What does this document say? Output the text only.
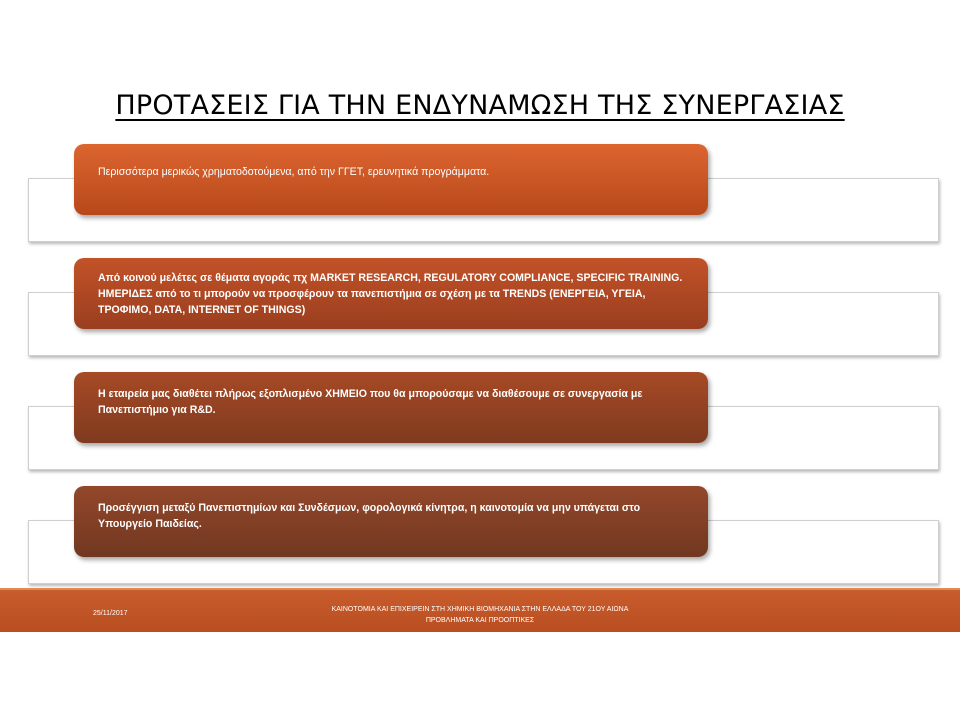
ΠΡΟΤΑΣΕΙΣ ΓΙΑ ΤΗΝ ΕΝΔΥΝΑΜΩΣΗ ΤΗΣ ΣΥΝΕΡΓΑΣΙΑΣ
Περισσότερα μερικώς χρηματοδοτούμενα, από την ΓΓΕΤ, ερευνητικά προγράμματα.
Από κοινού μελέτες σε θέματα αγοράς πχ MARKET RESEARCH, REGULATORY COMPLIANCE, SPECIFIC TRAINING. ΗΜΕΡΙΔΕΣ από το τι μπορούν να προσφέρουν τα πανεπιστήμια σε σχέση με τα TRENDS (ΕΝΕΡΓΕΙΑ, ΥΓΕΙΑ, ΤΡΟΦΙΜΟ, DATA, INTERNET OF THINGS)
Η εταιρεία μας διαθέτει πλήρως εξοπλισμένο ΧΗΜΕΙΟ που θα μπορούσαμε να διαθέσουμε σε συνεργασία με Πανεπιστήμιο για R&D.
Προσέγγιση μεταξύ Πανεπιστημίων και Συνδέσμων, φορολογικά κίνητρα, η καινοτομία να μην υπάγεται στο Υπουργείο Παιδείας.
25/11/2017
ΚΑΙΝΟΤΟΜΙΑ ΚΑΙ ΕΠΙΧΕΙΡΕΙΝ ΣΤΗ ΧΗΜΙΚΗ ΒΙΟΜΗΧΑΝΙΑ ΣΤΗΝ ΕΛΛΑΔΑ ΤΟΥ 21ΟΥ ΑΙΩΝΑ
ΠΡΟΒΛΗΜΑΤΑ ΚΑΙ ΠΡΟΟΠΤΙΚΕΣ
